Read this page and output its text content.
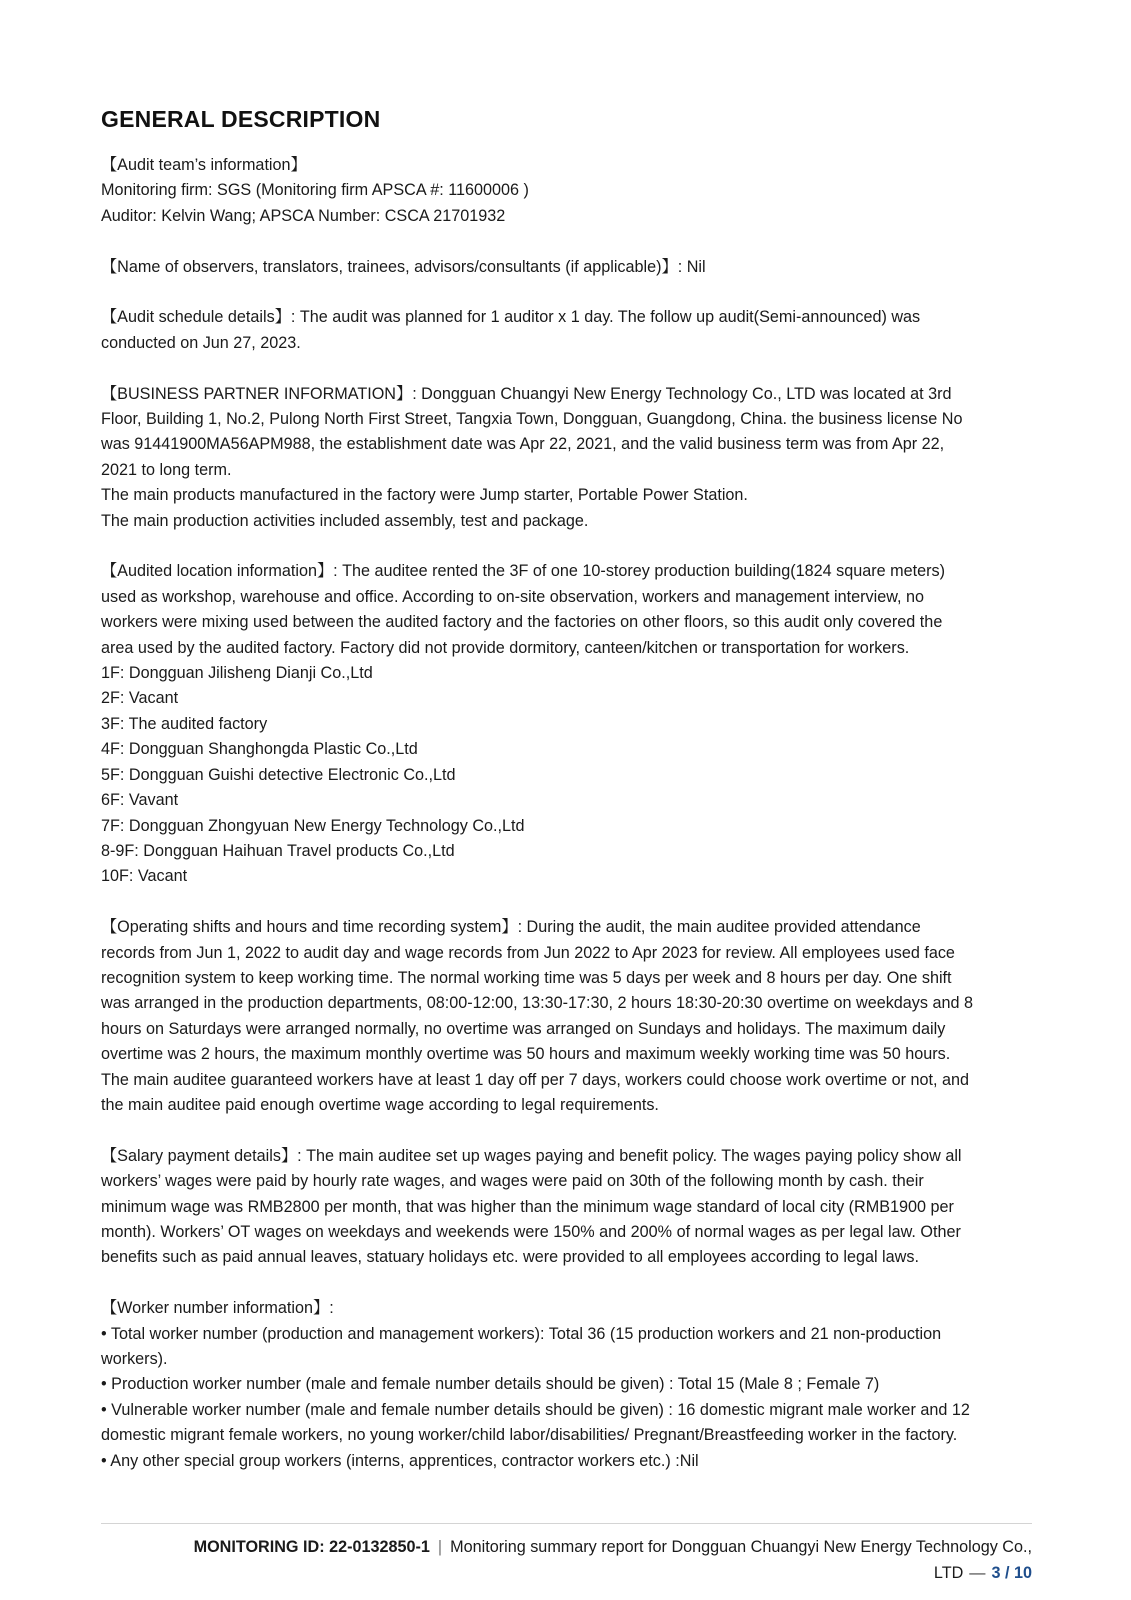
GENERAL DESCRIPTION
【Audit team’s information】
Monitoring firm: SGS (Monitoring firm APSCA #: 11600006 )
Auditor: Kelvin Wang; APSCA Number: CSCA 21701932
【Name of observers, translators, trainees, advisors/consultants (if applicable)】: Nil
【Audit schedule details】: The audit was planned for 1 auditor x 1 day. The follow up audit(Semi-announced) was
conducted on Jun 27, 2023.
【BUSINESS PARTNER INFORMATION】: Dongguan Chuangyi New Energy Technology Co., LTD was located at 3rd
Floor, Building 1, No.2, Pulong North First Street, Tangxia Town, Dongguan, Guangdong, China. the business license No
was 91441900MA56APM988, the establishment date was Apr 22, 2021, and the valid business term was from Apr 22,
2021 to long term.
The main products manufactured in the factory were Jump starter, Portable Power Station.
The main production activities included assembly, test and package.
【Audited location information】: The auditee rented the 3F of one 10-storey production building(1824 square meters)
used as workshop, warehouse and office. According to on-site observation, workers and management interview, no
workers were mixing used between the audited factory and the factories on other floors, so this audit only covered the
area used by the audited factory. Factory did not provide dormitory, canteen/kitchen or transportation for workers.
1F: Dongguan Jilisheng Dianji Co.,Ltd
2F: Vacant
3F: The audited factory
4F: Dongguan Shanghongda Plastic Co.,Ltd
5F: Dongguan Guishi detective Electronic Co.,Ltd
6F: Vavant
7F: Dongguan Zhongyuan New Energy Technology Co.,Ltd
8-9F: Dongguan Haihuan Travel products Co.,Ltd
10F: Vacant
【Operating shifts and hours and time recording system】: During the audit, the main auditee provided attendance
records from Jun 1, 2022 to audit day and wage records from Jun 2022 to Apr 2023 for review. All employees used face
recognition system to keep working time. The normal working time was 5 days per week and 8 hours per day. One shift
was arranged in the production departments, 08:00-12:00, 13:30-17:30, 2 hours 18:30-20:30 overtime on weekdays and 8
hours on Saturdays were arranged normally, no overtime was arranged on Sundays and holidays. The maximum daily
overtime was 2 hours, the maximum monthly overtime was 50 hours and maximum weekly working time was 50 hours.
The main auditee guaranteed workers have at least 1 day off per 7 days, workers could choose work overtime or not, and
the main auditee paid enough overtime wage according to legal requirements.
【Salary payment details】: The main auditee set up wages paying and benefit policy. The wages paying policy show all
workers’ wages were paid by hourly rate wages, and wages were paid on 30th of the following month by cash. their
minimum wage was RMB2800 per month, that was higher than the minimum wage standard of local city (RMB1900 per
month). Workers’ OT wages on weekdays and weekends were 150% and 200% of normal wages as per legal law. Other
benefits such as paid annual leaves, statuary holidays etc. were provided to all employees according to legal laws.
【Worker number information】:
• Total worker number (production and management workers): Total 36 (15 production workers and 21 non-production
workers).
• Production worker number (male and female number details should be given) : Total 15 (Male 8 ; Female 7)
• Vulnerable worker number (male and female number details should be given) : 16 domestic migrant male worker and 12
domestic migrant female workers, no young worker/child labor/disabilities/ Pregnant/Breastfeeding worker in the factory.
• Any other special group workers (interns, apprentices, contractor workers etc.) :Nil
MONITORING ID: 22-0132850-1 | Monitoring summary report for Dongguan Chuangyi New Energy Technology Co.,
LTD — 3 / 10
